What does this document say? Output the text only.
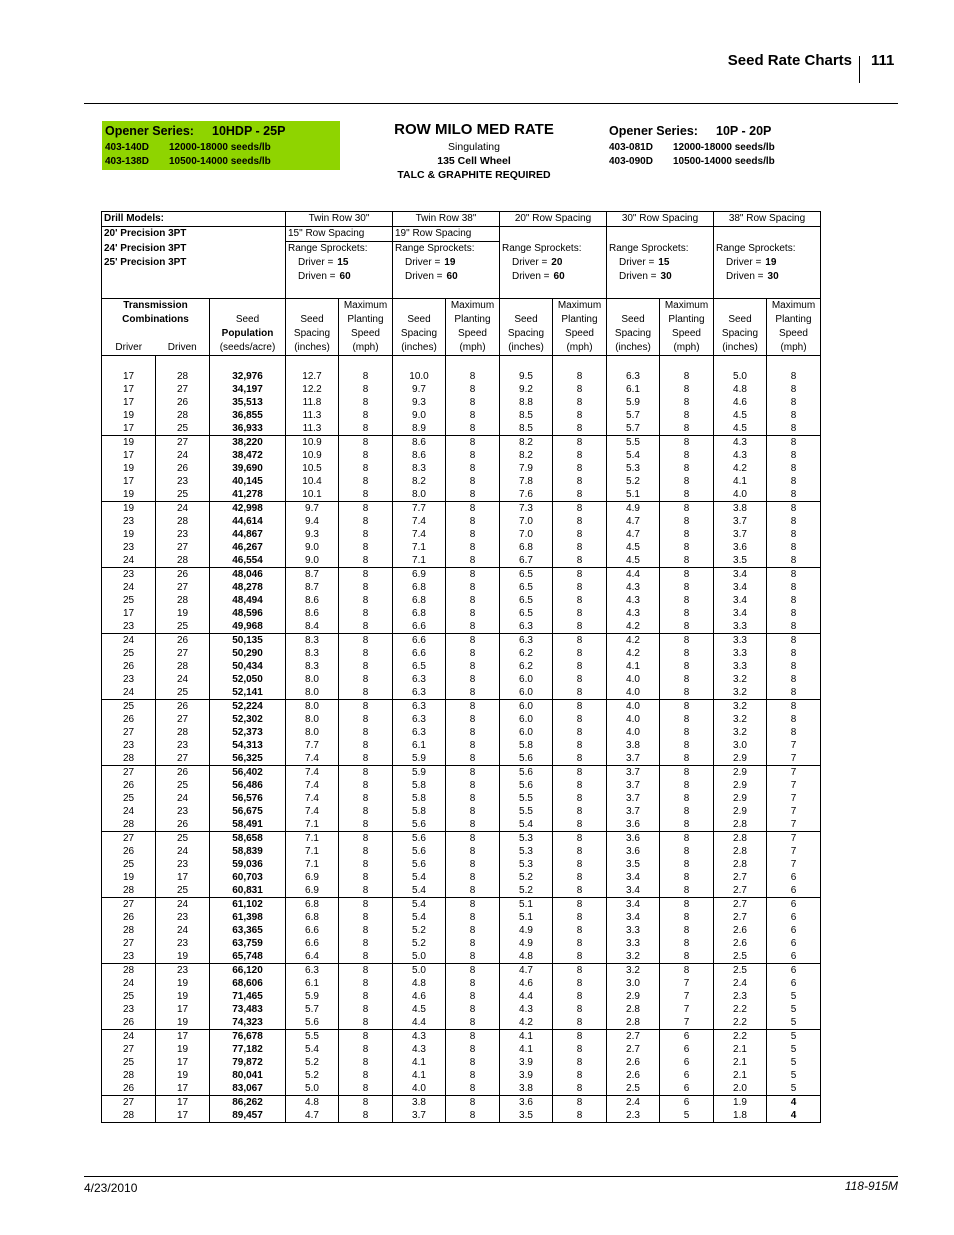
Seed Rate Charts 111
Opener Series: 10HDP - 25P
403-140D 12000-18000 seeds/lb
403-138D 10500-14000 seeds/lb
ROW MILO MED RATE
Singulating
135 Cell Wheel
TALC & GRAPHITE REQUIRED
Opener Series: 10P - 20P
403-081D 12000-18000 seeds/lb
403-090D 10500-14000 seeds/lb
Drill Models:			Twin Row 30"		Twin Row 38"		20" Row Spacing		30" Row Spacing		38" Row Spacing	
20' Precision 3PT			15" Row Spacing		19" Row Spacing							
24' Precision 3PT			Range Sprockets:		Range Sprockets:		Range Sprockets:		Range Sprockets:		Range Sprockets:	
25' Precision 3PT			Driver = 15		Driver = 19		Driver = 20		Driver = 15		Driver = 19	
			Driven = 60		Driven = 60		Driven = 60		Driven = 30		Driven = 30	

Transmission				Maximum		Maximum		Maximum		Maximum		Maximum
Combinations		Seed	Seed	Planting	Seed	Planting	Seed	Planting	Seed	Planting	Seed	Planting
		Population	Spacing	Speed	Spacing	Speed	Spacing	Speed	Spacing	Speed	Spacing	Speed
Driver	Driven	(seeds/acre)	(inches)	(mph)	(inches)	(mph)	(inches)	(mph)	(inches)	(mph)	(inches)	(mph)

17	28	32,976	12.7	8	10.0	8	9.5	8	6.3	8	5.0	8
17	27	34,197	12.2	8	9.7	8	9.2	8	6.1	8	4.8	8
17	26	35,513	11.8	8	9.3	8	8.8	8	5.9	8	4.6	8
19	28	36,855	11.3	8	9.0	8	8.5	8	5.7	8	4.5	8
17	25	36,933	11.3	8	8.9	8	8.5	8	5.7	8	4.5	8
19	27	38,220	10.9	8	8.6	8	8.2	8	5.5	8	4.3	8
17	24	38,472	10.9	8	8.6	8	8.2	8	5.4	8	4.3	8
19	26	39,690	10.5	8	8.3	8	7.9	8	5.3	8	4.2	8
17	23	40,145	10.4	8	8.2	8	7.8	8	5.2	8	4.1	8
19	25	41,278	10.1	8	8.0	8	7.6	8	5.1	8	4.0	8
19	24	42,998	9.7	8	7.7	8	7.3	8	4.9	8	3.8	8
23	28	44,614	9.4	8	7.4	8	7.0	8	4.7	8	3.7	8
19	23	44,867	9.3	8	7.4	8	7.0	8	4.7	8	3.7	8
23	27	46,267	9.0	8	7.1	8	6.8	8	4.5	8	3.6	8
24	28	46,554	9.0	8	7.1	8	6.7	8	4.5	8	3.5	8
23	26	48,046	8.7	8	6.9	8	6.5	8	4.4	8	3.4	8
24	27	48,278	8.7	8	6.8	8	6.5	8	4.3	8	3.4	8
25	28	48,494	8.6	8	6.8	8	6.5	8	4.3	8	3.4	8
17	19	48,596	8.6	8	6.8	8	6.5	8	4.3	8	3.4	8
23	25	49,968	8.4	8	6.6	8	6.3	8	4.2	8	3.3	8
24	26	50,135	8.3	8	6.6	8	6.3	8	4.2	8	3.3	8
25	27	50,290	8.3	8	6.6	8	6.2	8	4.2	8	3.3	8
26	28	50,434	8.3	8	6.5	8	6.2	8	4.1	8	3.3	8
23	24	52,050	8.0	8	6.3	8	6.0	8	4.0	8	3.2	8
24	25	52,141	8.0	8	6.3	8	6.0	8	4.0	8	3.2	8
25	26	52,224	8.0	8	6.3	8	6.0	8	4.0	8	3.2	8
26	27	52,302	8.0	8	6.3	8	6.0	8	4.0	8	3.2	8
27	28	52,373	8.0	8	6.3	8	6.0	8	4.0	8	3.2	8
23	23	54,313	7.7	8	6.1	8	5.8	8	3.8	8	3.0	7
28	27	56,325	7.4	8	5.9	8	5.6	8	3.7	8	2.9	7
27	26	56,402	7.4	8	5.9	8	5.6	8	3.7	8	2.9	7
26	25	56,486	7.4	8	5.8	8	5.6	8	3.7	8	2.9	7
25	24	56,576	7.4	8	5.8	8	5.5	8	3.7	8	2.9	7
24	23	56,675	7.4	8	5.8	8	5.5	8	3.7	8	2.9	7
28	26	58,491	7.1	8	5.6	8	5.4	8	3.6	8	2.8	7
27	25	58,658	7.1	8	5.6	8	5.3	8	3.6	8	2.8	7
26	24	58,839	7.1	8	5.6	8	5.3	8	3.6	8	2.8	7
25	23	59,036	7.1	8	5.6	8	5.3	8	3.5	8	2.8	7
19	17	60,703	6.9	8	5.4	8	5.2	8	3.4	8	2.7	6
28	25	60,831	6.9	8	5.4	8	5.2	8	3.4	8	2.7	6
27	24	61,102	6.8	8	5.4	8	5.1	8	3.4	8	2.7	6
26	23	61,398	6.8	8	5.4	8	5.1	8	3.4	8	2.7	6
28	24	63,365	6.6	8	5.2	8	4.9	8	3.3	8	2.6	6
27	23	63,759	6.6	8	5.2	8	4.9	8	3.3	8	2.6	6
23	19	65,748	6.4	8	5.0	8	4.8	8	3.2	8	2.5	6
28	23	66,120	6.3	8	5.0	8	4.7	8	3.2	8	2.5	6
24	19	68,606	6.1	8	4.8	8	4.6	8	3.0	7	2.4	6
25	19	71,465	5.9	8	4.6	8	4.4	8	2.9	7	2.3	5
23	17	73,483	5.7	8	4.5	8	4.3	8	2.8	7	2.2	5
26	19	74,323	5.6	8	4.4	8	4.2	8	2.8	7	2.2	5
24	17	76,678	5.5	8	4.3	8	4.1	8	2.7	6	2.2	5
27	19	77,182	5.4	8	4.3	8	4.1	8	2.7	6	2.1	5
25	17	79,872	5.2	8	4.1	8	3.9	8	2.6	6	2.1	5
28	19	80,041	5.2	8	4.1	8	3.9	8	2.6	6	2.1	5
26	17	83,067	5.0	8	4.0	8	3.8	8	2.5	6	2.0	5
27	17	86,262	4.8	8	3.8	8	3.6	8	2.4	6	1.9	4
28	17	89,457	4.7	8	3.7	8	3.5	8	2.3	5	1.8	4
4/23/2010	118-915M
